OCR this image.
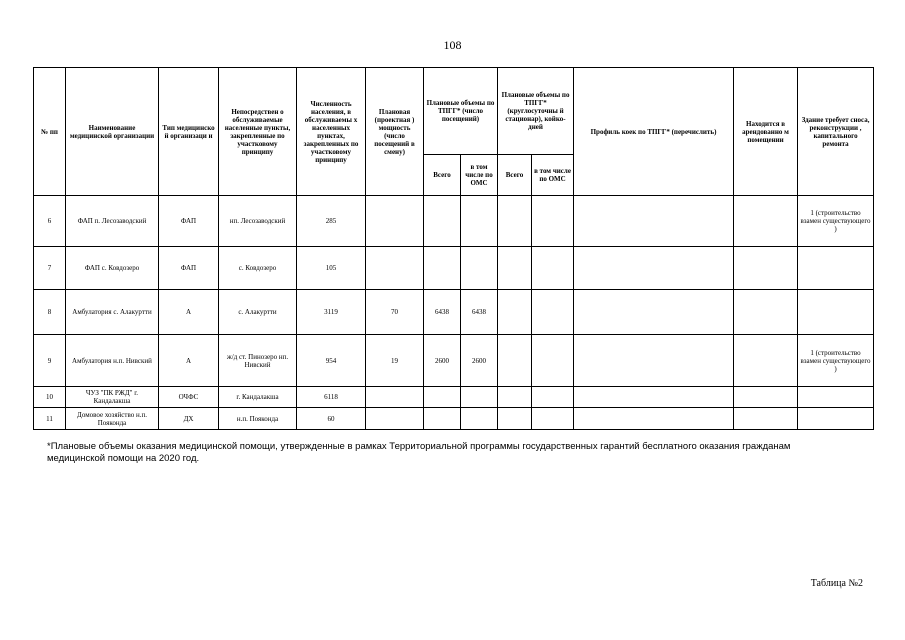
108
№ пп	Наименование медицинской организации	Тип медицинско й организаци и	Непосредствен о обслуживаемые населенные пункты, закрепленные по участковому принципу	Численность населения, в обслуживаемы х населенных пунктах, закрепленных по участковому принципу	Плановая (проектная ) мощность (число посещений в смену)	Плановые объемы по ТПГГ* (число посещений)		Плановые объемы по ТПГГ* (круглосуточны й стационар), койко-дней		Профиль коек по ТПГГ* (перечислить)	Находится в арендованно м помещении	Здание требует сноса, реконструкции , капитального ремонта
						Всего	в том числе по ОМС	Всего	в том числе по ОМС			
6	ФАП п. Лесозаводский	ФАП	нп. Лесозаводский	285								1 (строительство взамен существующего )
7	ФАП с. Ковдозеро	ФАП	с. Ковдозеро	105								
8	Амбулатория с. Алакуртти	А	с. Алакуртти	3119	70	6438	6438					
9	Амбулатория н.п. Нивский	А	ж/д ст. Пинозеро нп. Нивский	954	19	2600	2600					1 (строительство взамен существующего )
10	ЧУЗ "ПК РЖД" г. Кандалакша	ОЧФС	г. Кандалакша	6118								
11	Домовое хозяйство н.п. Пояконда	ДХ	н.п. Пояконда	60								
*Плановые объемы оказания медицинской помощи, утвержденные в рамках Территориальной программы государственных гарантий бесплатного оказания гражданам медицинской помощи на 2020 год.
Таблица №2
